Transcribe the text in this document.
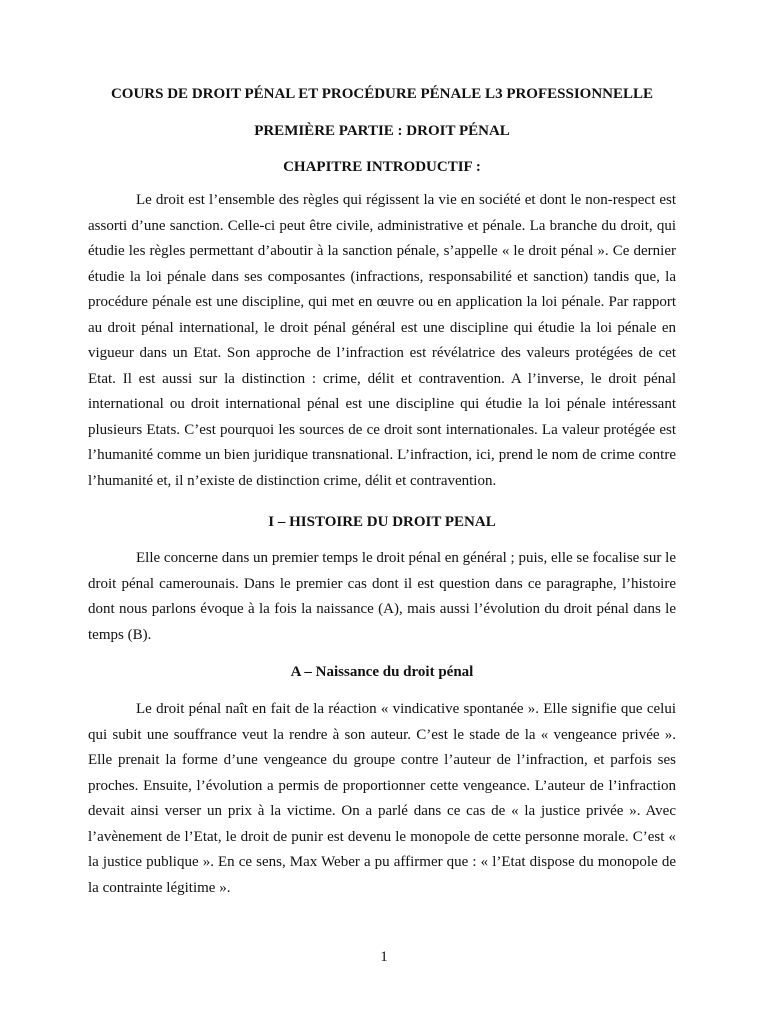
COURS DE DROIT PÉNAL ET PROCÉDURE PÉNALE L3 PROFESSIONNELLE

PREMIÈRE PARTIE : DROIT PÉNAL

CHAPITRE INTRODUCTIF :

Le droit est l’ensemble des règles qui régissent la vie en société et dont le non-respect est assorti d’une sanction. Celle-ci peut être civile, administrative et pénale. La branche du droit, qui étudie les règles permettant d’aboutir à la sanction pénale, s’appelle « le droit pénal ». Ce dernier étudie la loi pénale dans ses composantes (infractions, responsabilité et sanction) tandis que, la procédure pénale est une discipline, qui met en œuvre ou en application la loi pénale. Par rapport au droit pénal international, le droit pénal général est une discipline qui étudie la loi pénale en vigueur dans un Etat. Son approche de l’infraction est révélatrice des valeurs protégées de cet Etat. Il est aussi sur la distinction : crime, délit et contravention. A l’inverse, le droit pénal international ou droit international pénal est une discipline qui étudie la loi pénale intéressant plusieurs Etats. C’est pourquoi les sources de ce droit sont internationales. La valeur protégée est l’humanité comme un bien juridique transnational. L’infraction, ici, prend le nom de crime contre l’humanité et, il n’existe de distinction crime, délit et contravention.

I – HISTOIRE DU DROIT PENAL

Elle concerne dans un premier temps le droit pénal en général ; puis, elle se focalise sur le droit pénal camerounais. Dans le premier cas dont il est question dans ce paragraphe, l’histoire dont nous parlons évoque à la fois la naissance (A), mais aussi l’évolution du droit pénal dans le temps (B).

A – Naissance du droit pénal

Le droit pénal naît en fait de la réaction « vindicative spontanée ». Elle signifie que celui qui subit une souffrance veut la rendre à son auteur. C’est le stade de la « vengeance privée ». Elle prenait la forme d’une vengeance du groupe contre l’auteur de l’infraction, et parfois ses proches. Ensuite, l’évolution a permis de proportionner cette vengeance. L’auteur de l’infraction devait ainsi verser un prix à la victime. On a parlé dans ce cas de « la justice privée ». Avec l’avènement de l’Etat, le droit de punir est devenu le monopole de cette personne morale. C’est « la justice publique ». En ce sens, Max Weber a pu affirmer que : « l’Etat dispose du monopole de la contrainte légitime ».

1
